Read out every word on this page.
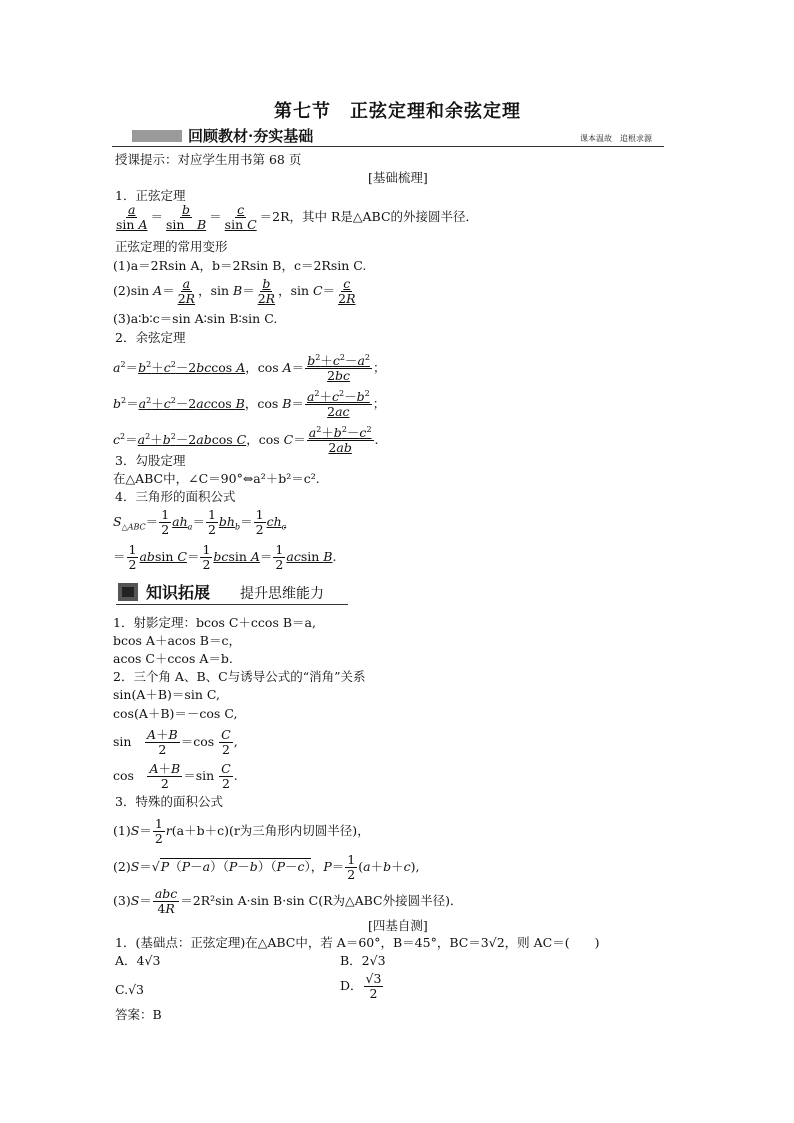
第七节　正弦定理和余弦定理
回顾教材·夯实基础	课本温故　追根求源
授课提示：对应学生用书第 68 页
[基础梳理]
1．正弦定理
$\frac{a}{\text{sin A}} = \frac{b}{\text{sin　B}} = \frac{c}{\text{sin C}} =2R$，其中 R是△ABC的外接圆半径．
正弦定理的常用变形
(1)a＝2Rsin A，b＝2Rsin B，c＝2Rsin C.
(2)sin $A= \frac{a}{2R}$ ，$\sin B= \frac{b}{2R}$ ，$\sin C= \frac{c}{2R}$
(3)a∶b∶c＝sin A∶sin B∶sin C.
2．余弦定理
$a^2=b^2+c^2-2bccos$ A，$\cos A= \frac{b^2+c^2-a^2}{2bc}$ ；
$b^2=a^2+c^2-2accos$ B，$\cos B= \frac{a^2+c^2-b^2}{2ac}$ ；
$c^2=a^2+b^2-2abcos$ C，$\cos C= \frac{a^2+b^2-c^2}{2ab}$ .
3．勾股定理
在△ABC中，∠C＝90°⇔a²＋b²＝c².
4．三角形的面积公式
$S_{\triangle ABC}= \frac{1}{2} ah_a= \frac{1}{2} bh_b= \frac{1}{2} ch_c$
＝ $\frac{1}{2}$ absin $C= \frac{1}{2}$ bcsin $A= \frac{1}{2}$ acsin B.
知识拓展 提升思维能力
1．射影定理：bcos C＋ccos B＝a,
bcos A＋acos B＝c，
acos C＋ccos A＝b.
2．三个角 A、B、C与诱导公式的“消角”关系
sin(A＋B)＝sin C,
cos(A＋B)＝－cos C,
sin　 $\frac{A+B}{2} =\cos \frac{C}{2}$ ,
cos　 $\frac{A+B}{2} =\sin \frac{C}{2}$ .
3．特殊的面积公式
$(1)S= \frac{1}{2} r(a+b+c)(r$为三角形内切圆半径)，
(2)S＝√P（P－a）（P－b）（P－c），$P= \frac{1}{2} (a+b+c)$,
$(3)S= \frac{\text{abc}}{4R} =2R^2\sin$ A·sin B·sin C(R为△ABC外接圆半径)．
[四基自测]
1．(基础点：正弦定理)在△ABC中，若 A＝60°，B＝45°，BC＝3√2，则 AC＝(　　)
A．4√3	B．2√3
C.√3	D． $\frac{√3}{2}$
答案：B
